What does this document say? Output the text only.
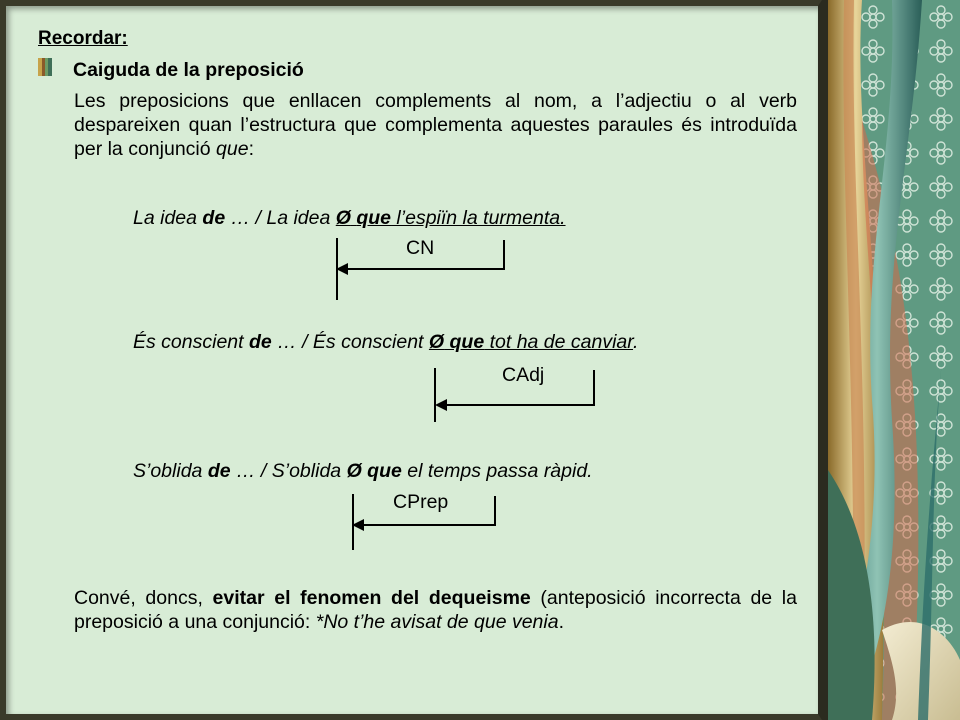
Recordar:
Caiguda de la preposició
Les preposicions que enllacen complements al nom, a l’adjectiu o al verb despareixen quan l’estructura que complementa aquestes paraules és introduïda per la conjunció que:
La idea de … / La idea Ø que l’espiïn la turmenta.
CN
És conscient de … / És conscient Ø que tot ha de canviar.
CAdj
S’oblida de … / S’oblida Ø que el temps passa ràpid.
CPrep
Convé, doncs, evitar el fenomen del dequeisme (anteposició incorrecta de la preposició a una conjunció: *No t’he avisat de que venia.
